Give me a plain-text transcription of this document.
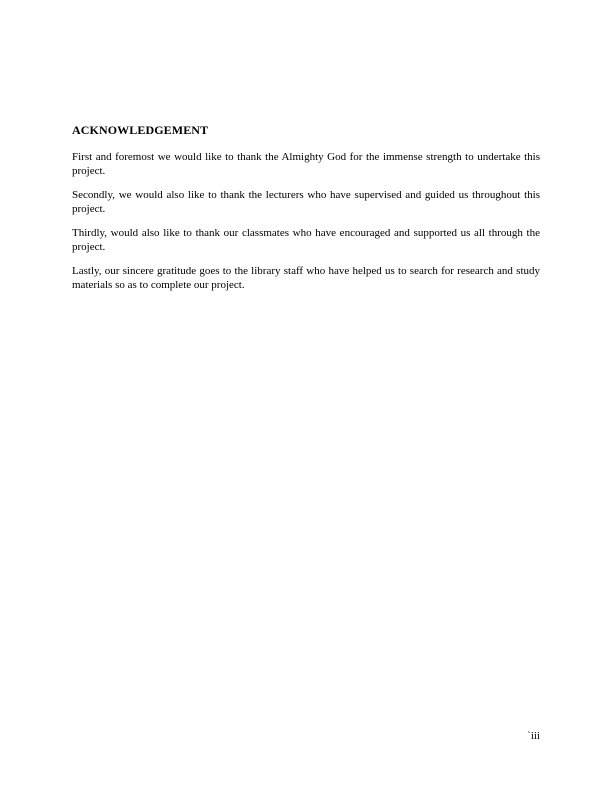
ACKNOWLEDGEMENT

First and foremost we would like to thank the Almighty God for the immense strength to undertake this project.

Secondly, we would also like to thank the lecturers who have supervised and guided us throughout this project.

Thirdly, would also like to thank our classmates who have encouraged and supported us all through the project.

Lastly, our sincere gratitude goes to the library staff who have helped us to search for research and study materials so as to complete our project.

`iii
